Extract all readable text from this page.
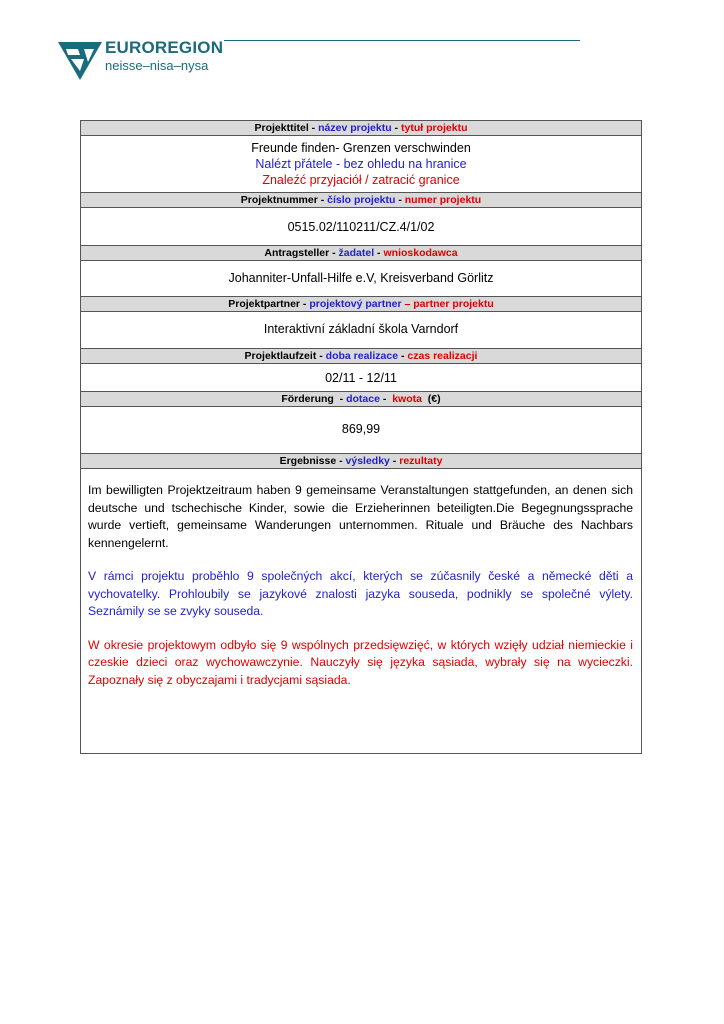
EUROREGION
neisse–nisa–nysa
Projekttitel - název projektu - tytuł projektu
Freunde finden- Grenzen verschwinden
Nalézt přátele - bez ohledu na hranice
Znaleźć przyjaciół / zatracić granice
Projektnummer - číslo projektu - numer projektu
0515.02/110211/CZ.4/1/02
Antragsteller - žadatel - wnioskodawca
Johanniter-Unfall-Hilfe e.V, Kreisverband Görlitz
Projektpartner - projektový partner – partner projektu
Interaktivní základní škola Varndorf
Projektlaufzeit - doba realizace - czas realizacji
02/11 - 12/11
Förderung  - dotace -  kwota (€)
869,99
Ergebnisse - výsledky - rezultaty

Im bewilligten Projektzeitraum haben 9 gemeinsame Veranstaltungen stattgefunden, an denen sich deutsche und tschechische Kinder, sowie die Erzieherinnen beteiligten.Die Begegnungssprache wurde vertieft, gemeinsame Wanderungen unternommen. Rituale und Bräuche des Nachbars kennengelernt.

V rámci projektu proběhlo 9 společných akcí, kterých se zúčasnily české a německé děti a vychovatelky. Prohloubily se jazykové znalosti jazyka souseda, podnikly se společné výlety. Seznámily se se zvyky souseda.

W okresie projektowym odbyło się 9 wspólnych przedsięwzięć, w których wzięły udział niemieckie i czeskie dzieci oraz wychowawczynie. Nauczyły się języka sąsiada, wybrały się na wycieczki. Zapoznały się z obyczajami i tradycjami sąsiada.
